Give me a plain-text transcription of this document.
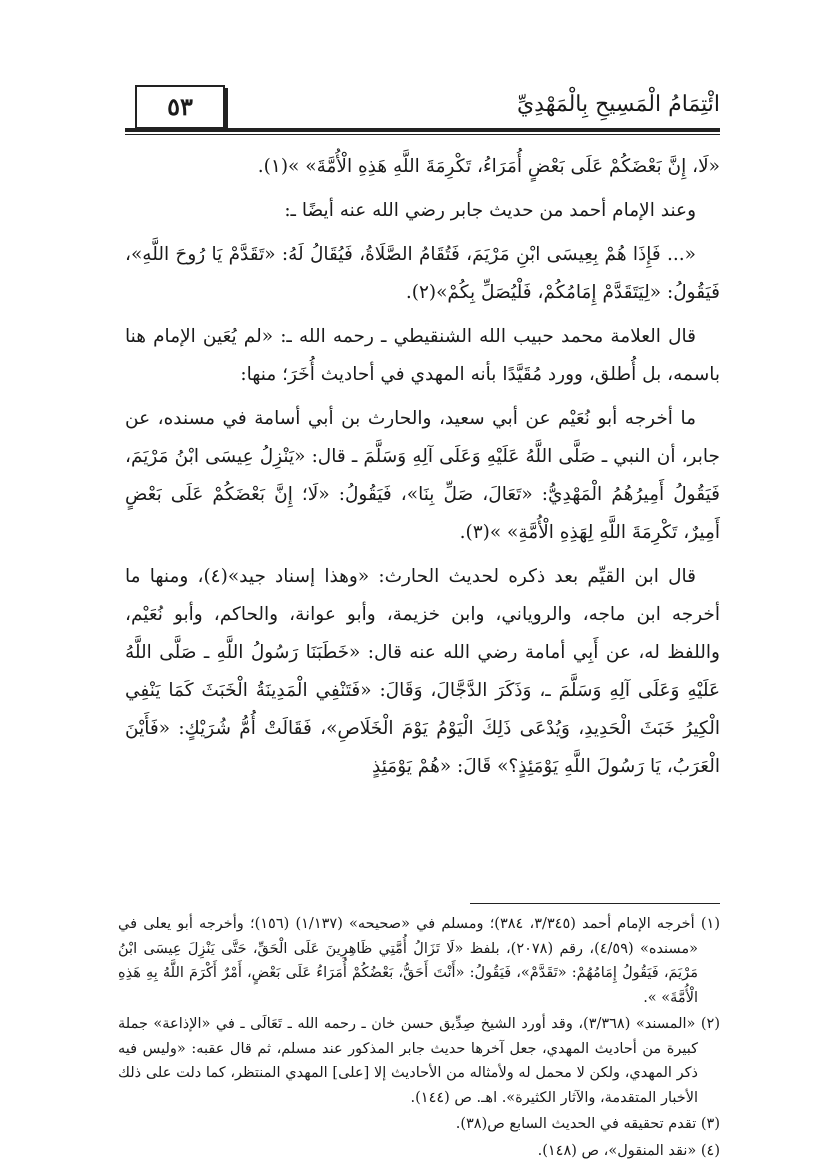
٥٣	ائْتِمَامُ الْمَسِيحِ بِالْمَهْدِيِّ

«لَا، إِنَّ بَعْضَكُمْ عَلَى بَعْضٍ أُمَرَاءُ، تَكْرِمَةَ اللَّهِ هَذِهِ الْأُمَّةَ» »(١).

وعند الإمام أحمد من حديث جابر رضي الله عنه أيضًا ـ:

«... فَإِذَا هُمْ بِعِيسَى ابْنِ مَرْيَمَ، فَتُقَامُ الصَّلَاةُ، فَيُقَالُ لَهُ: «تَقَدَّمْ يَا رُوحَ اللَّهِ»، فَيَقُولُ: «لِيَتَقَدَّمْ إِمَامُكُمْ، فَلْيُصَلِّ بِكُمْ»(٢).

قال العلامة محمد حبيب الله الشنقيطي ـ رحمه الله ـ: «لم يُعَين الإمام هنا باسمه، بل أُطلق، وورد مُقَيَّدًا بأنه المهدي في أحاديث أُخَرَ؛ منها:

ما أخرجه أبو نُعَيْم عن أبي سعيد، والحارث بن أبي أسامة في مسنده، عن جابر، أن النبي ـ صَلَّى اللَّهُ عَلَيْهِ وَعَلَى آلِهِ وَسَلَّمَ ـ قال: «يَنْزِلُ عِيسَى ابْنُ مَرْيَمَ، فَيَقُولُ أَمِيرُهُمُ الْمَهْدِيُّ: «تَعَالَ، صَلِّ بِنَا»، فَيَقُولُ: «لَا؛ إِنَّ بَعْضَكُمْ عَلَى بَعْضٍ أَمِيرٌ، تَكْرِمَةَ اللَّهِ لِهَذِهِ الْأُمَّةِ» »(٣).

قال ابن القيِّم بعد ذكره لحديث الحارث: «وهذا إسناد جيد»(٤)، ومنها ما أخرجه ابن ماجه، والروياني، وابن خزيمة، وأبو عوانة، والحاكم، وأبو نُعَيْم، واللفظ له، عن أَبِي أمامة رضي الله عنه قال: «خَطَبَنَا رَسُولُ اللَّهِ ـ صَلَّى اللَّهُ عَلَيْهِ وَعَلَى آلِهِ وَسَلَّمَ ـ، وَذَكَرَ الدَّجَّالَ، وَقَالَ: «فَتَنْفِي الْمَدِينَةُ الْخَبَثَ كَمَا يَنْفِي الْكِيرُ خَبَثَ الْحَدِيدِ، وَيُدْعَى ذَلِكَ الْيَوْمُ يَوْمَ الْخَلَاصِ»، فَقَالَتْ أُمُّ شُرَيْكٍ: «فَأَيْنَ الْعَرَبُ، يَا رَسُولَ اللَّهِ يَوْمَئِذٍ؟» قَالَ: «هُمْ يَوْمَئِذٍ

(١) أخرجه الإمام أحمد (٣/٣٤٥، ٣٨٤)؛ ومسلم في «صحيحه» (١/١٣٧) (١٥٦)؛ وأخرجه أبو يعلى في «مسنده» (٤/٥٩)، رقم (٢٠٧٨)، بلفظ «لَا تَزَالُ أُمَّتِي ظَاهِرِينَ عَلَى الْحَقِّ، حَتَّى يَنْزِلَ عِيسَى ابْنُ مَرْيَمَ، فَيَقُولُ إِمَامُهُمْ: «تَقَدَّمْ»، فَيَقُولُ: «أَنْتَ أَحَقُّ، بَعْضُكُمْ أُمَرَاءُ عَلَى بَعْضٍ، أَمْرٌ أَكْرَمَ اللَّهُ بِهِ هَذِهِ الْأُمَّةَ» ».

(٢) «المسند» (٣/٣٦٨)، وقد أورد الشيخ صِدِّيق حسن خان ـ رحمه الله ـ تَعَالَى ـ في «الإذاعة» جملة كبيرة من أحاديث المهدي، جعل آخرها حديث جابر المذكور عند مسلم، ثم قال عقبه: «وليس فيه ذكر المهدي، ولكن لا محمل له ولأمثاله من الأحاديث إلا [على] المهدي المنتظر، كما دلت على ذلك الأخبار المتقدمة، والآثار الكثيرة». اهـ. ص (١٤٤).

(٣) تقدم تحقيقه في الحديث السابع ص(٣٨).

(٤) «نقد المنقول»، ص (١٤٨).
